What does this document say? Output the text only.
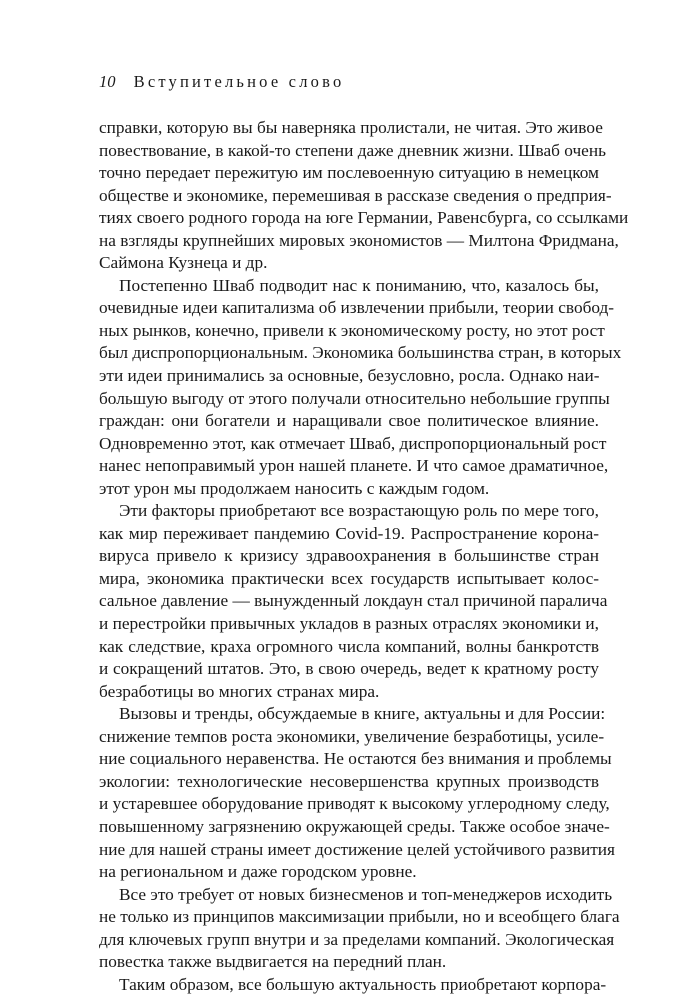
10 Вступительное слово
справки, которую вы бы наверняка пролистали, не читая. Это живое
повествование, в какой-то степени даже дневник жизни. Шваб очень
точно передает пережитую им послевоенную ситуацию в немецком
обществе и экономике, перемешивая в рассказе сведения о предприя-
тиях своего родного города на юге Германии, Равенсбурга, со ссылками
на взгляды крупнейших мировых экономистов — Милтона Фридмана,
Саймона Кузнеца и др.
Постепенно Шваб подводит нас к пониманию, что, казалось бы,
очевидные идеи капитализма об извлечении прибыли, теории свобод-
ных рынков, конечно, привели к экономическому росту, но этот рост
был диспропорциональным. Экономика большинства стран, в которых
эти идеи принимались за основные, безусловно, росла. Однако наи-
большую выгоду от этого получали относительно небольшие группы
граждан: они богатели и наращивали свое политическое влияние.
Одновременно этот, как отмечает Шваб, диспропорциональный рост
нанес непоправимый урон нашей планете. И что самое драматичное,
этот урон мы продолжаем наносить с каждым годом.
Эти факторы приобретают все возрастающую роль по мере того,
как мир переживает пандемию Covid-19. Распространение корона-
вируса привело к кризису здравоохранения в большинстве стран
мира, экономика практически всех государств испытывает колос-
сальное давление — вынужденный локдаун стал причиной паралича
и перестройки привычных укладов в разных отраслях экономики и,
как следствие, краха огромного числа компаний, волны банкротств
и сокращений штатов. Это, в свою очередь, ведет к кратному росту
безработицы во многих странах мира.
Вызовы и тренды, обсуждаемые в книге, актуальны и для России:
снижение темпов роста экономики, увеличение безработицы, усиле-
ние социального неравенства. Не остаются без внимания и проблемы
экологии: технологические несовершенства крупных производств
и устаревшее оборудование приводят к высокому углеродному следу,
повышенному загрязнению окружающей среды. Также особое значе-
ние для нашей страны имеет достижение целей устойчивого развития
на региональном и даже городском уровне.
Все это требует от новых бизнесменов и топ-менеджеров исходить
не только из принципов максимизации прибыли, но и всеобщего блага
для ключевых групп внутри и за пределами компаний. Экологическая
повестка также выдвигается на передний план.
Таким образом, все большую актуальность приобретают корпора-
